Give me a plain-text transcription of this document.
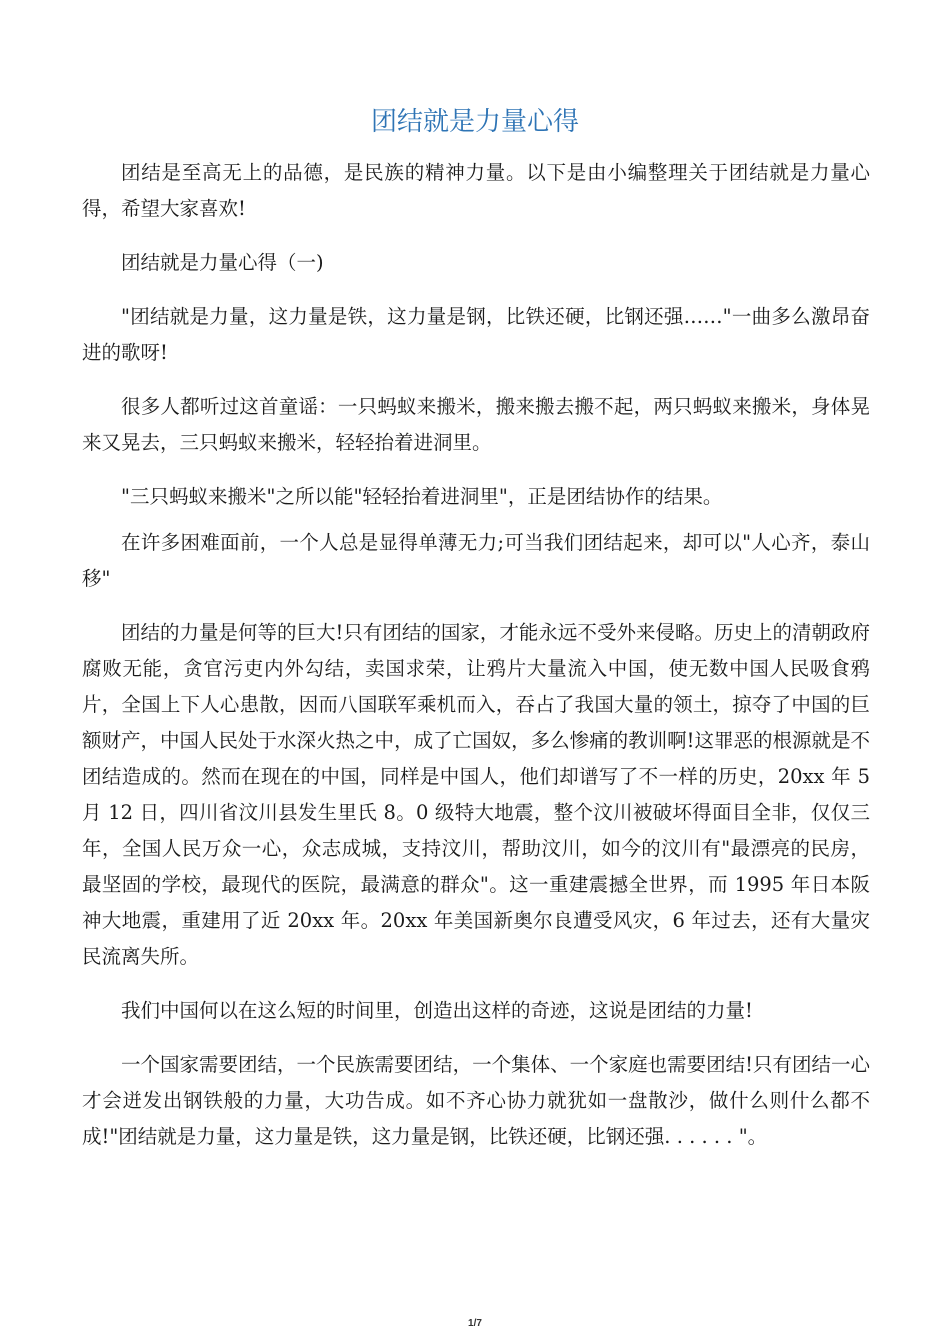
团结就是力量心得

团结是至高无上的品德，是民族的精神力量。以下是由小编整理关于团结就是力量心得，希望大家喜欢!

团结就是力量心得（一)

"团结就是力量，这力量是铁，这力量是钢，比铁还硬，比钢还强……"一曲多么激昂奋进的歌呀!

很多人都听过这首童谣：一只蚂蚁来搬米，搬来搬去搬不起，两只蚂蚁来搬米，身体晃来又晃去，三只蚂蚁来搬米，轻轻抬着进洞里。

"三只蚂蚁来搬米"之所以能"轻轻抬着进洞里"，正是团结协作的结果。

在许多困难面前，一个人总是显得单薄无力;可当我们团结起来，却可以"人心齐，泰山移"

团结的力量是何等的巨大!只有团结的国家，才能永远不受外来侵略。历史上的清朝政府腐败无能，贪官污吏内外勾结，卖国求荣，让鸦片大量流入中国，使无数中国人民吸食鸦片，全国上下人心患散，因而八国联军乘机而入，吞占了我国大量的领土，掠夺了中国的巨额财产，中国人民处于水深火热之中，成了亡国奴，多么惨痛的教训啊!这罪恶的根源就是不团结造成的。然而在现在的中国，同样是中国人，他们却谱写了不一样的历史，20xx 年 5 月 12 日，四川省汶川县发生里氏 8。0 级特大地震，整个汶川被破坏得面目全非，仅仅三年，全国人民万众一心，众志成城，支持汶川，帮助汶川，如今的汶川有"最漂亮的民房，最坚固的学校，最现代的医院，最满意的群众"。这一重建震撼全世界，而 1995 年日本阪神大地震，重建用了近 20xx 年。20xx 年美国新奥尔良遭受风灾，6 年过去，还有大量灾民流离失所。

我们中国何以在这么短的时间里，创造出这样的奇迹，这说是团结的力量!

一个国家需要团结，一个民族需要团结，一个集体、一个家庭也需要团结!只有团结一心才会迸发出钢铁般的力量，大功告成。如不齐心协力就犹如一盘散沙，做什么则什么都不成!"团结就是力量，这力量是铁，这力量是钢，比铁还硬，比钢还强. . . . . . "。

1/7
